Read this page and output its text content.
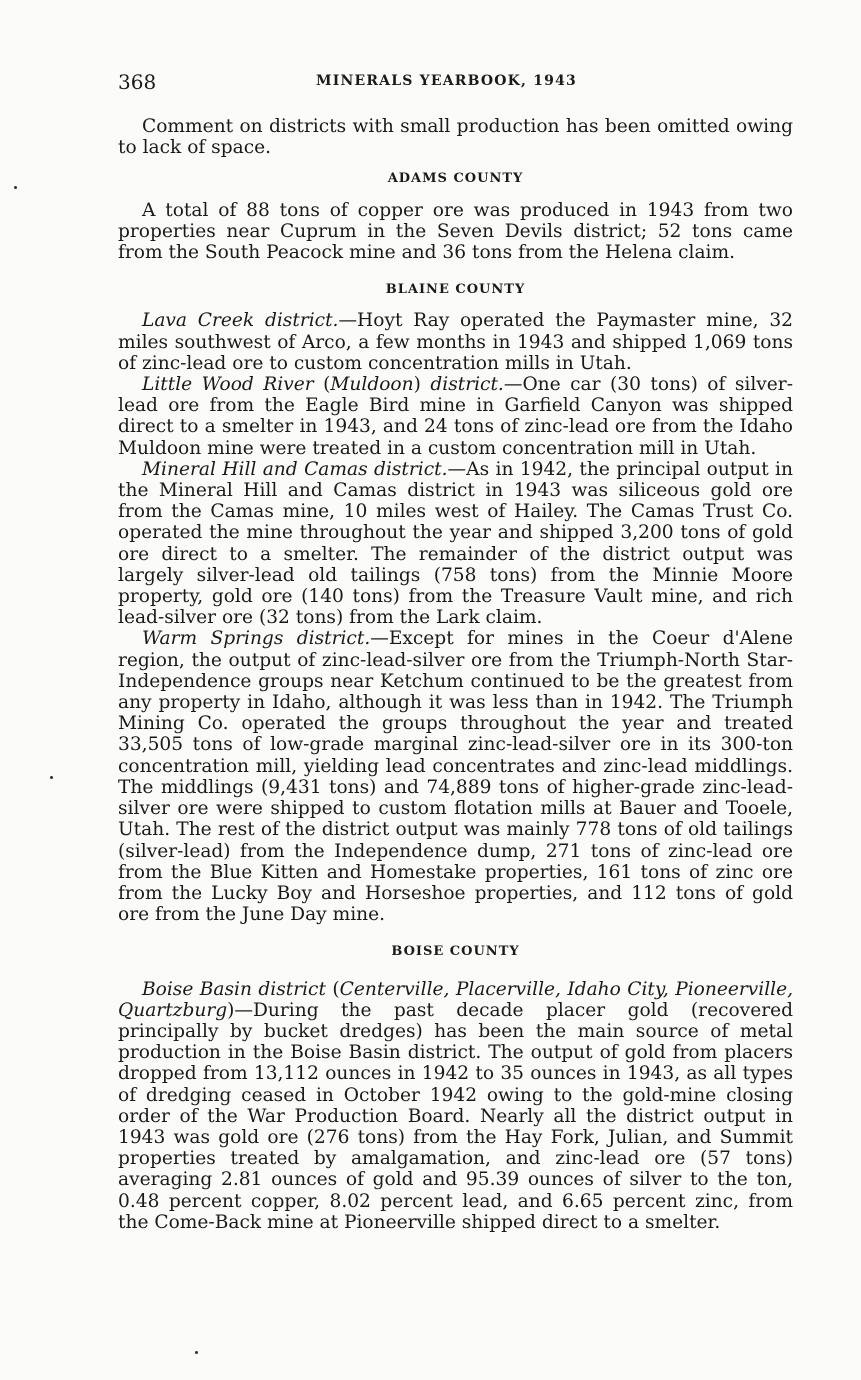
368	MINERALS YEARBOOK, 1943

Comment on districts with small production has been omitted owing to lack of space.

ADAMS COUNTY

A total of 88 tons of copper ore was produced in 1943 from two properties near Cuprum in the Seven Devils district; 52 tons came from the South Peacock mine and 36 tons from the Helena claim.

BLAINE COUNTY

Lava Creek district.—Hoyt Ray operated the Paymaster mine, 32 miles southwest of Arco, a few months in 1943 and shipped 1,069 tons of zinc-lead ore to custom concentration mills in Utah.

Little Wood River (Muldoon) district.—One car (30 tons) of silver-lead ore from the Eagle Bird mine in Garfield Canyon was shipped direct to a smelter in 1943, and 24 tons of zinc-lead ore from the Idaho Muldoon mine were treated in a custom concentration mill in Utah.

Mineral Hill and Camas district.—As in 1942, the principal output in the Mineral Hill and Camas district in 1943 was siliceous gold ore from the Camas mine, 10 miles west of Hailey. The Camas Trust Co. operated the mine throughout the year and shipped 3,200 tons of gold ore direct to a smelter. The remainder of the district output was largely silver-lead old tailings (758 tons) from the Minnie Moore property, gold ore (140 tons) from the Treasure Vault mine, and rich lead-silver ore (32 tons) from the Lark claim.

Warm Springs district.—Except for mines in the Coeur d'Alene region, the output of zinc-lead-silver ore from the Triumph-North Star-Independence groups near Ketchum continued to be the greatest from any property in Idaho, although it was less than in 1942. The Triumph Mining Co. operated the groups throughout the year and treated 33,505 tons of low-grade marginal zinc-lead-silver ore in its 300-ton concentration mill, yielding lead concentrates and zinc-lead middlings. The middlings (9,431 tons) and 74,889 tons of higher-grade zinc-lead-silver ore were shipped to custom flotation mills at Bauer and Tooele, Utah. The rest of the district output was mainly 778 tons of old tailings (silver-lead) from the Independence dump, 271 tons of zinc-lead ore from the Blue Kitten and Homestake properties, 161 tons of zinc ore from the Lucky Boy and Horseshoe properties, and 112 tons of gold ore from the June Day mine.

BOISE COUNTY

Boise Basin district (Centerville, Placerville, Idaho City, Pioneerville, Quartzburg)—During the past decade placer gold (recovered principally by bucket dredges) has been the main source of metal production in the Boise Basin district. The output of gold from placers dropped from 13,112 ounces in 1942 to 35 ounces in 1943, as all types of dredging ceased in October 1942 owing to the gold-mine closing order of the War Production Board. Nearly all the district output in 1943 was gold ore (276 tons) from the Hay Fork, Julian, and Summit properties treated by amalgamation, and zinc-lead ore (57 tons) averaging 2.81 ounces of gold and 95.39 ounces of silver to the ton, 0.48 percent copper, 8.02 percent lead, and 6.65 percent zinc, from the Come-Back mine at Pioneerville shipped direct to a smelter.
